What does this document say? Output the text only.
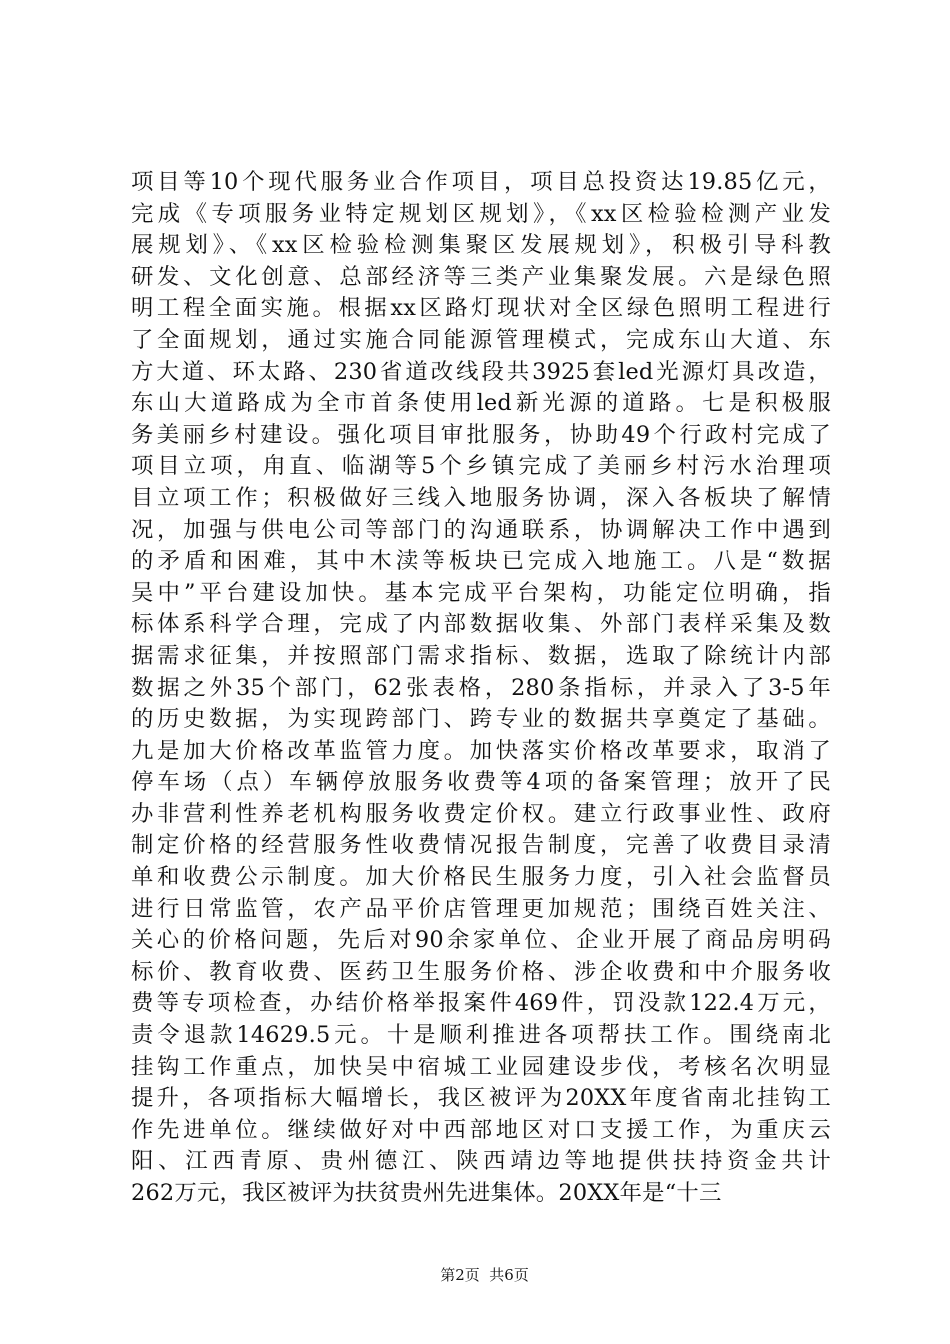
项目等10个现代服务业合作项目，项目总投资达19.85亿元，
完成《专项服务业特定规划区规划》，《xx区检验检测产业发
展规划》、《xx区检验检测集聚区发展规划》，积极引导科教
研发、文化创意、总部经济等三类产业集聚发展。六是绿色照
明工程全面实施。根据xx区路灯现状对全区绿色照明工程进行
了全面规划，通过实施合同能源管理模式，完成东山大道、东
方大道、环太路、230省道改线段共3925套led光源灯具改造，
东山大道路成为全市首条使用led新光源的道路。七是积极服
务美丽乡村建设。强化项目审批服务，协助49个行政村完成了
项目立项，甪直、临湖等5个乡镇完成了美丽乡村污水治理项
目立项工作；积极做好三线入地服务协调，深入各板块了解情
况，加强与供电公司等部门的沟通联系，协调解决工作中遇到
的矛盾和困难，其中木渎等板块已完成入地施工。八是“数据
吴中”平台建设加快。基本完成平台架构，功能定位明确，指
标体系科学合理，完成了内部数据收集、外部门表样采集及数
据需求征集，并按照部门需求指标、数据，选取了除统计内部
数据之外35个部门，62张表格，280条指标，并录入了3-5年
的历史数据，为实现跨部门、跨专业的数据共享奠定了基础。
九是加大价格改革监管力度。加快落实价格改革要求，取消了
停车场（点）车辆停放服务收费等4项的备案管理；放开了民
办非营利性养老机构服务收费定价权。建立行政事业性、政府
制定价格的经营服务性收费情况报告制度，完善了收费目录清
单和收费公示制度。加大价格民生服务力度，引入社会监督员
进行日常监管，农产品平价店管理更加规范；围绕百姓关注、
关心的价格问题，先后对90余家单位、企业开展了商品房明码
标价、教育收费、医药卫生服务价格、涉企收费和中介服务收
费等专项检查，办结价格举报案件469件，罚没款122.4万元，
责令退款14629.5元。十是顺利推进各项帮扶工作。围绕南北
挂钩工作重点，加快吴中宿城工业园建设步伐，考核名次明显
提升，各项指标大幅增长，我区被评为20XX年度省南北挂钩工
作先进单位。继续做好对中西部地区对口支援工作，为重庆云
阳、江西青原、贵州德江、陕西靖边等地提供扶持资金共计
262万元，我区被评为扶贫贵州先进集体。20XX年是“十三

第2页  共6页
